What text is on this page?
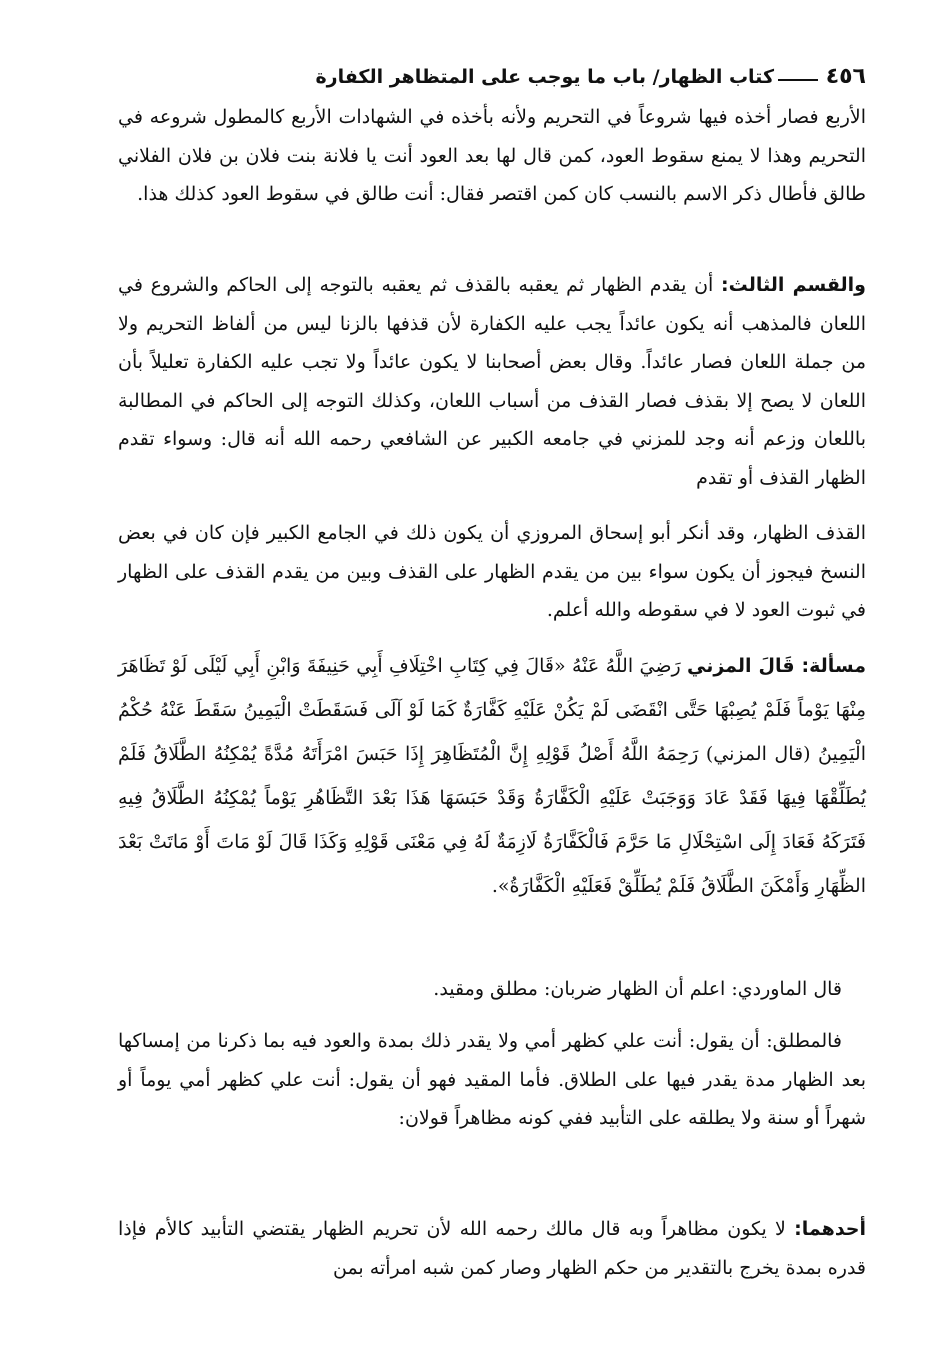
٤٥٦
كتاب الظهار/ باب ما يوجب على المتظاهر الكفارة

الأربع فصار أخذه فيها شروعاً في التحريم ولأنه بأخذه في الشهادات الأربع كالمطول شروعه في التحريم وهذا لا يمنع سقوط العود، كمن قال لها بعد العود أنت يا فلانة بنت فلان بن فلان الفلاني طالق فأطال ذكر الاسم بالنسب كان كمن اقتصر فقال: أنت طالق في سقوط العود كذلك هذا.

والقسم الثالث: أن يقدم الظهار ثم يعقبه بالقذف ثم يعقبه بالتوجه إلى الحاكم والشروع في اللعان فالمذهب أنه يكون عائداً يجب عليه الكفارة لأن قذفها بالزنا ليس من ألفاظ التحريم ولا من جملة اللعان فصار عائداً. وقال بعض أصحابنا لا يكون عائداً ولا تجب عليه الكفارة تعليلاً بأن اللعان لا يصح إلا بقذف فصار القذف من أسباب اللعان، وكذلك التوجه إلى الحاكم في المطالبة باللعان وزعم أنه وجد للمزني في جامعه الكبير عن الشافعي رحمه الله أنه قال: وسواء تقدم الظهار القذف أو تقدم

القذف الظهار، وقد أنكر أبو إسحاق المروزي أن يكون ذلك في الجامع الكبير فإن كان في بعض النسخ فيجوز أن يكون سواء بين من يقدم الظهار على القذف وبين من يقدم القذف على الظهار في ثبوت العود لا في سقوطه والله أعلم.

مسألة: قَالَ المزني رَضِيَ اللَّهُ عَنْهُ «قَالَ فِي كِتَابِ اخْتِلَافِ أَبِي حَنِيفَةَ وَابْنِ أَبِي لَيْلَى لَوْ تَظَاهَرَ مِنْهَا يَوْماً فَلَمْ يُصِبْهَا حَتَّى انْقَضَى لَمْ يَكُنْ عَلَيْهِ كَفَّارَةٌ كَمَا لَوْ آلَى فَسَقَطَتْ الْيَمِينُ سَقَطَ عَنْهُ حُكْمُ الْيَمِينُ (قال المزني) رَحِمَهُ اللَّهُ أَصْلُ قَوْلِهِ إِنَّ الْمُتَظَاهِرَ إِذَا حَبَسَ امْرَأَتَهُ مُدَّةً يُمْكِنُهُ الطَّلَاقُ فَلَمْ يُطَلِّقْهَا فِيهَا فَقَدْ عَادَ وَوَجَبَتْ عَلَيْهِ الْكَفَّارَةُ وَقَدْ حَبَسَهَا هَذَا بَعْدَ التَّظَاهُرِ يَوْماً يُمْكِنُهُ الطَّلَاقُ فِيهِ فَتَرَكَهُ فَعَادَ إِلَى اسْتِحْلَالِ مَا حَرَّمَ فَالْكَفَّارَةُ لَازِمَةٌ لَهُ فِي مَعْنَى قَوْلِهِ وَكَذَا قَالَ لَوْ مَاتَ أَوْ مَاتَتْ بَعْدَ الظِّهَارِ وَأَمْكَنَ الطَّلَاقُ فَلَمْ يُطَلِّقْ فَعَلَيْهِ الْكَفَّارَةُ».

قال الماوردي: اعلم أن الظهار ضربان: مطلق ومقيد.

فالمطلق: أن يقول: أنت علي كظهر أمي ولا يقدر ذلك بمدة والعود فيه بما ذكرنا من إمساكها بعد الظهار مدة يقدر فيها على الطلاق. فأما المقيد فهو أن يقول: أنت علي كظهر أمي يوماً أو شهراً أو سنة ولا يطلقه على التأبيد ففي كونه مظاهراً قولان:

أحدهما: لا يكون مظاهراً وبه قال مالك رحمه الله لأن تحريم الظهار يقتضي التأبيد كالأم فإذا قدره بمدة يخرج بالتقدير من حكم الظهار وصار كمن شبه امرأته بمن
